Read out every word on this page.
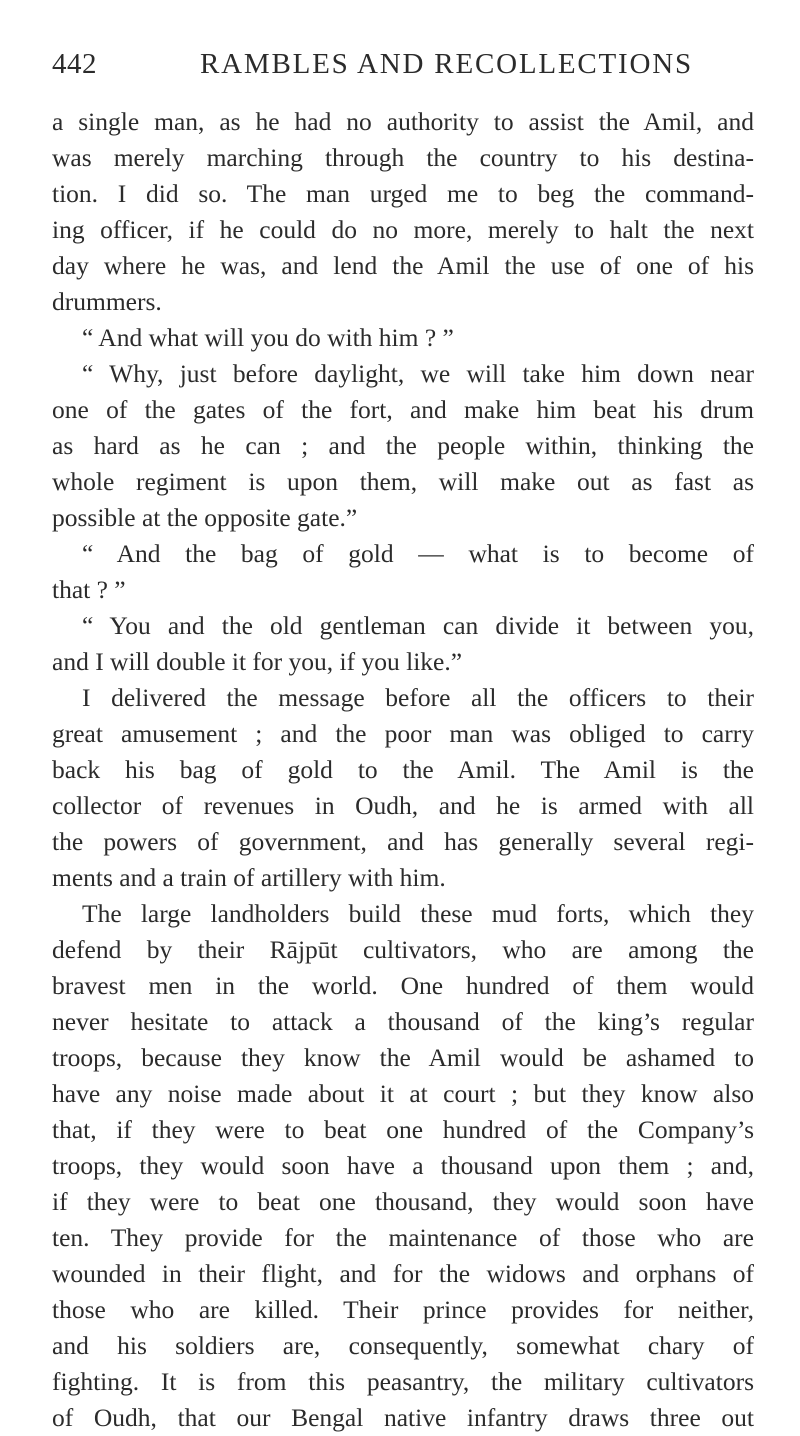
442	RAMBLES AND RECOLLECTIONS
a single man, as he had no authority to assist the Amil, and
was merely marching through the country to his destina-
tion. I did so. The man urged me to beg the command-
ing officer, if he could do no more, merely to halt the next
day where he was, and lend the Amil the use of one of his
drummers.
“ And what will you do with him ? ”
“ Why, just before daylight, we will take him down near
one of the gates of the fort, and make him beat his drum
as hard as he can ; and the people within, thinking the
whole regiment is upon them, will make out as fast as
possible at the opposite gate.”
“ And the bag of gold — what is to become of
that ? ”
“ You and the old gentleman can divide it between you,
and I will double it for you, if you like.”
I delivered the message before all the officers to their
great amusement ; and the poor man was obliged to carry
back his bag of gold to the Amil. The Amil is the
collector of revenues in Oudh, and he is armed with all
the powers of government, and has generally several regi-
ments and a train of artillery with him.
The large landholders build these mud forts, which they
defend by their Rājpūt cultivators, who are among the
bravest men in the world. One hundred of them would
never hesitate to attack a thousand of the king’s regular
troops, because they know the Amil would be ashamed to
have any noise made about it at court ; but they know also
that, if they were to beat one hundred of the Company’s
troops, they would soon have a thousand upon them ; and,
if they were to beat one thousand, they would soon have
ten. They provide for the maintenance of those who are
wounded in their flight, and for the widows and orphans of
those who are killed. Their prince provides for neither,
and his soldiers are, consequently, somewhat chary of
fighting. It is from this peasantry, the military cultivators
of Oudh, that our Bengal native infantry draws three out
